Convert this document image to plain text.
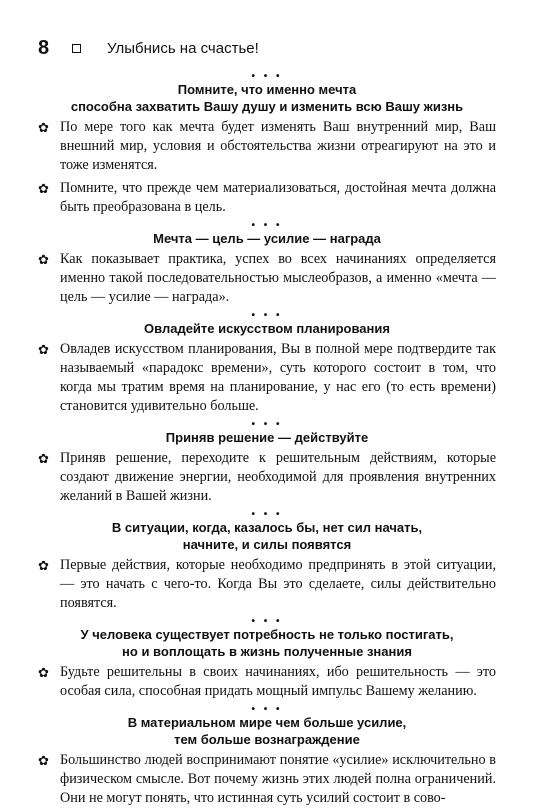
8	Улыбнись на счастье!
• • •
Помните, что именно мечта
способна захватить Вашу душу и изменить всю Вашу жизнь
✿ По мере того как мечта будет изменять Ваш внутренний мир, Ваш внешний мир, условия и обстоятельства жизни отреагируют на это и тоже изменятся.
✿ Помните, что прежде чем материализоваться, достойная мечта должна быть преобразована в цель.
• • •
Мечта — цель — усилие — награда
✿ Как показывает практика, успех во всех начинаниях определяется именно такой последовательностью мыслеобразов, а именно «мечта — цель — усилие — награда».
• • •
Овладейте искусством планирования
✿ Овладев искусством планирования, Вы в полной мере подтвердите так называемый «парадокс времени», суть которого состоит в том, что когда мы тратим время на планирование, у нас его (то есть времени) становится удивительно больше.
• • •
Приняв решение — действуйте
✿ Приняв решение, переходите к решительным действиям, которые создают движение энергии, необходимой для проявления внутренних желаний в Вашей жизни.
• • •
В ситуации, когда, казалось бы, нет сил начать,
начните, и силы появятся
✿ Первые действия, которые необходимо предпринять в этой ситуации, — это начать с чего-то. Когда Вы это сделаете, силы действительно появятся.
• • •
У человека существует потребность не только постигать,
но и воплощать в жизнь полученные знания
✿ Будьте решительны в своих начинаниях, ибо решительность — это особая сила, способная придать мощный импульс Вашему желанию.
• • •
В материальном мире чем больше усилие,
тем больше вознаграждение
✿ Большинство людей воспринимают понятие «усилие» исключительно в физическом смысле. Вот почему жизнь этих людей полна ограничений. Они не могут понять, что истинная суть усилий состоит в сово-
